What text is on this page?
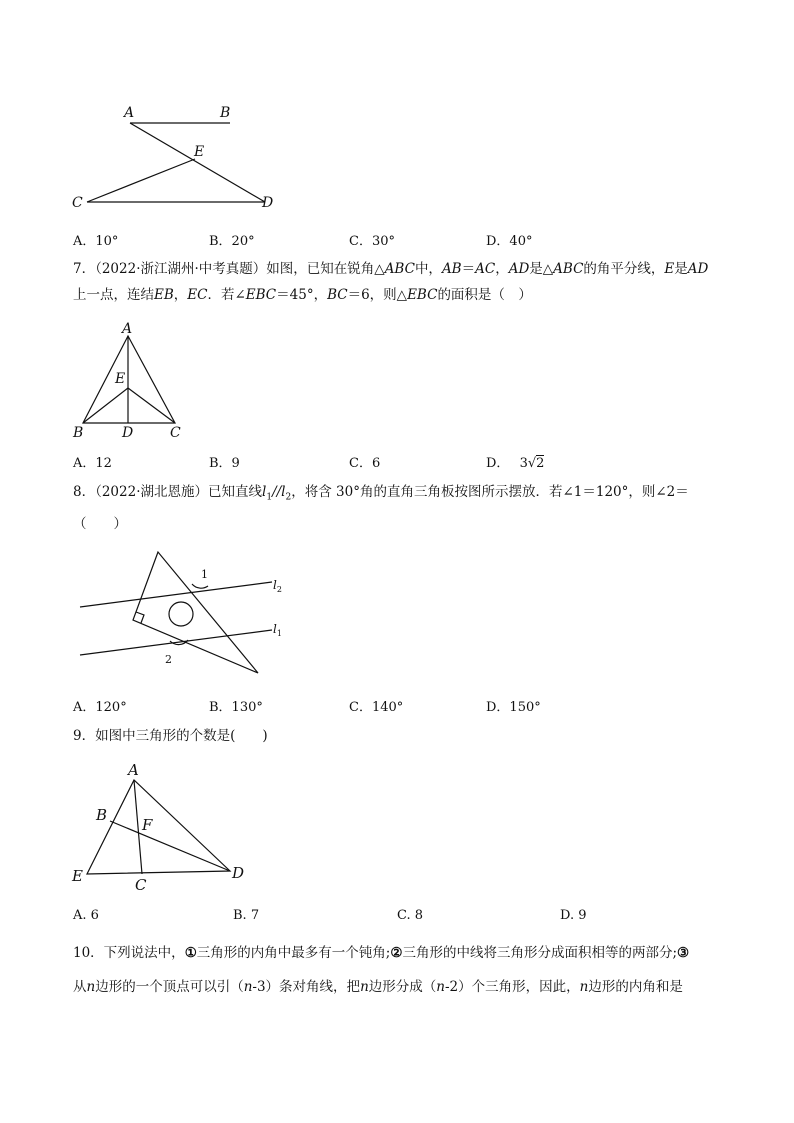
A	B
E
C	D
A．10°	B．20°	C．30°	D．40°
7．（2022·浙江湖州·中考真题）如图，已知在锐角△ABC中，AB＝AC，AD是△ABC的角平分线，E是AD
上一点，连结EB，EC．若∠EBC＝45°，BC＝6，则△EBC的面积是（　）
A
E
B	D	C
A．12	B．9	C．6	D． 3√2
8．（2022·湖北恩施）已知直线$l_1//l_2$，将含 30°角的直角三角板按图所示摆放．若∠1＝120°，则∠2＝
（　　）
1
2
$l_2$
$l_1$
A．120°	B．130°	C．140°	D．150°
9．如图中三角形的个数是(　　)
A
B
F
E	C
D
A. 6	B. 7	C. 8	D. 9
10．下列说法中，①三角形的内角中最多有一个钝角;②三角形的中线将三角形分成面积相等的两部分;③
从n边形的一个顶点可以引（n-3）条对角线，把n边形分成（n-2）个三角形，因此，n边形的内角和是
